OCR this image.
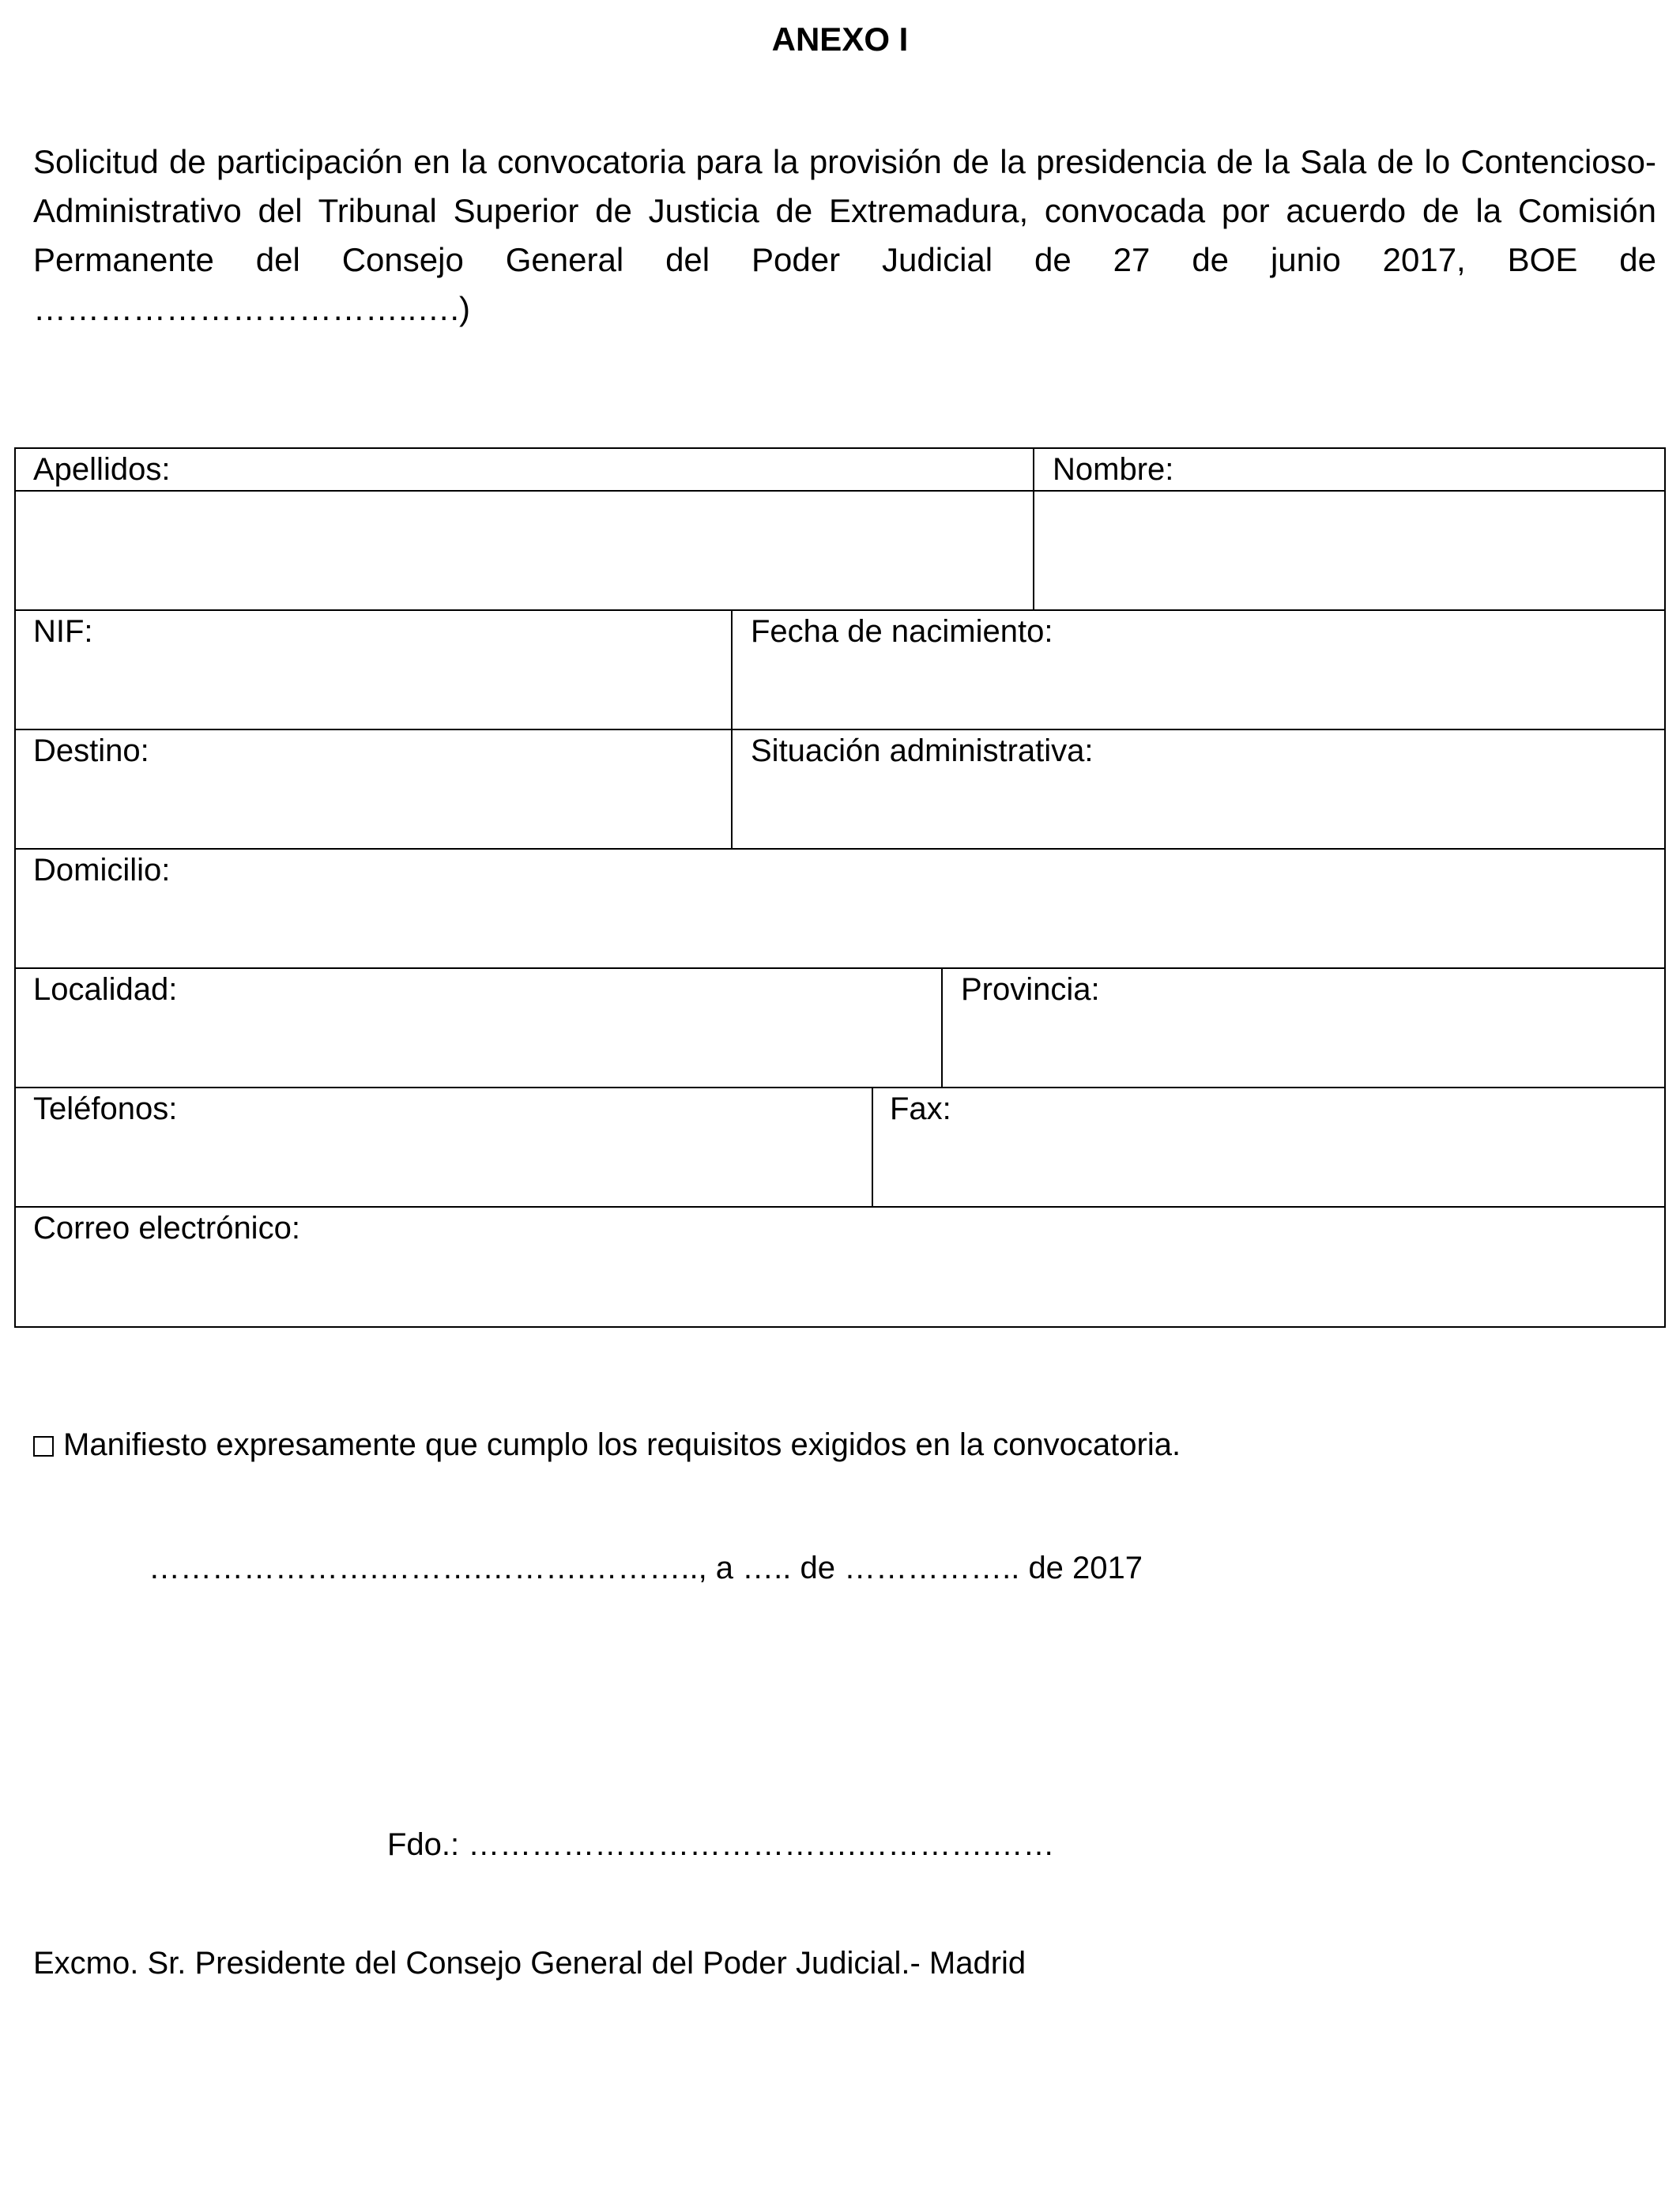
ANEXO I
Solicitud de participación en la convocatoria para la provisión de la presidencia de la Sala de lo Contencioso-Administrativo del Tribunal Superior de Justicia de Extremadura, convocada por acuerdo de la Comisión Permanente del Consejo General del Poder Judicial de 27 de junio 2017, BOE de ……………………………..….)
Apellidos:	Nombre:
NIF:	Fecha de nacimiento:
Destino:	Situación administrativa:
Domicilio:
Localidad:	Provincia:
Teléfonos:	Fax:
Correo electrónico:
Manifiesto expresamente que cumplo los requisitos exigidos en la convocatoria.
………………….……….……….……….., a ….. de …………….. de 2017
Fdo.: ……………………………….………….……
Excmo. Sr. Presidente del Consejo General del Poder Judicial.- Madrid
